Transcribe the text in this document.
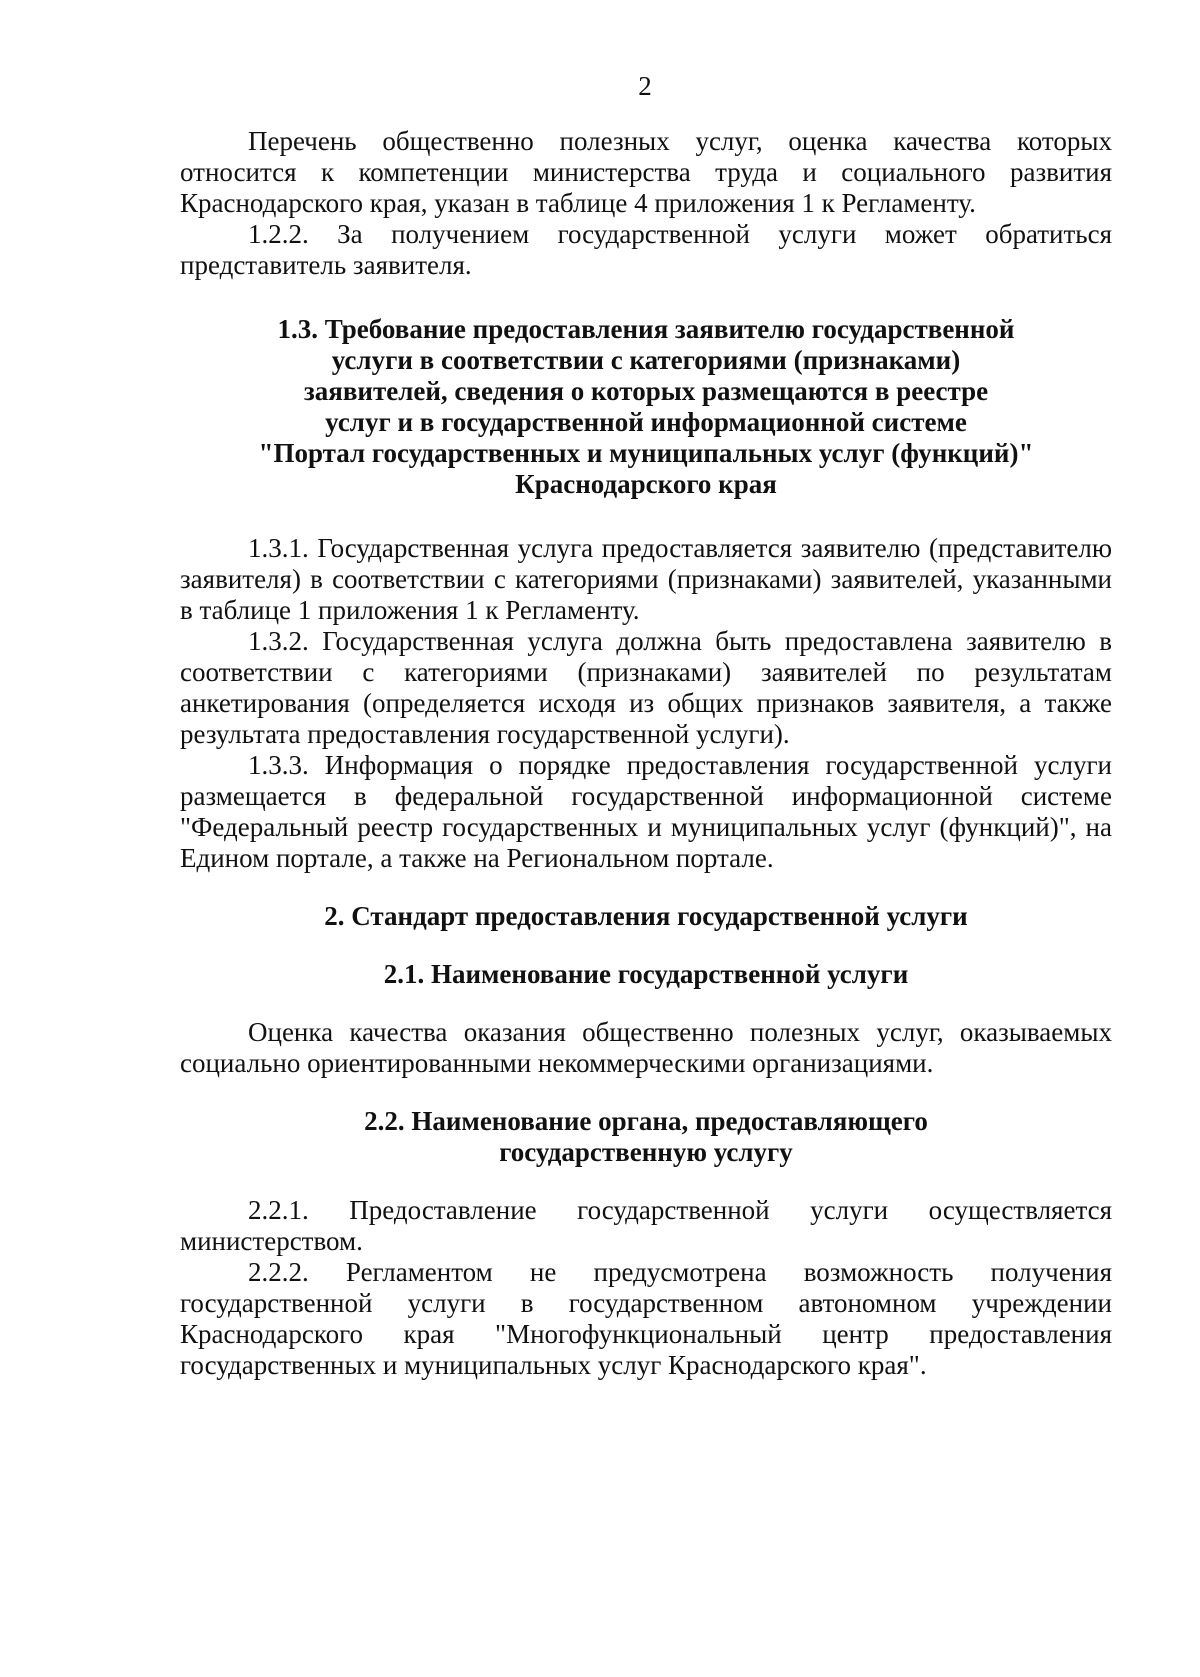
2

Перечень общественно полезных услуг, оценка качества которых относится к компетенции министерства труда и социального развития Краснодарского края, указан в таблице 4 приложения 1 к Регламенту.

1.2.2. За получением государственной услуги может обратиться представитель заявителя.

1.3. Требование предоставления заявителю государственной
услуги в соответствии с категориями (признаками)
заявителей, сведения о которых размещаются в реестре
услуг и в государственной информационной системе
"Портал государственных и муниципальных услуг (функций)"
Краснодарского края

1.3.1. Государственная услуга предоставляется заявителю (представителю заявителя) в соответствии с категориями (признаками) заявителей, указанными в таблице 1 приложения 1 к Регламенту.

1.3.2. Государственная услуга должна быть предоставлена заявителю в соответствии с категориями (признаками) заявителей по результатам анкетирования (определяется исходя из общих признаков заявителя, а также результата предоставления государственной услуги).

1.3.3. Информация о порядке предоставления государственной услуги размещается в федеральной государственной информационной системе "Федеральный реестр государственных и муниципальных услуг (функций)", на Едином портале, а также на Региональном портале.

2. Стандарт предоставления государственной услуги
2.1. Наименование государственной услуги

Оценка качества оказания общественно полезных услуг, оказываемых социально ориентированными некоммерческими организациями.

2.2. Наименование органа, предоставляющего
государственную услугу

2.2.1. Предоставление государственной услуги осуществляется министерством.

2.2.2. Регламентом не предусмотрена возможность получения государственной услуги в государственном автономном учреждении Краснодарского края "Многофункциональный центр предоставления государственных и муниципальных услуг Краснодарского края".
